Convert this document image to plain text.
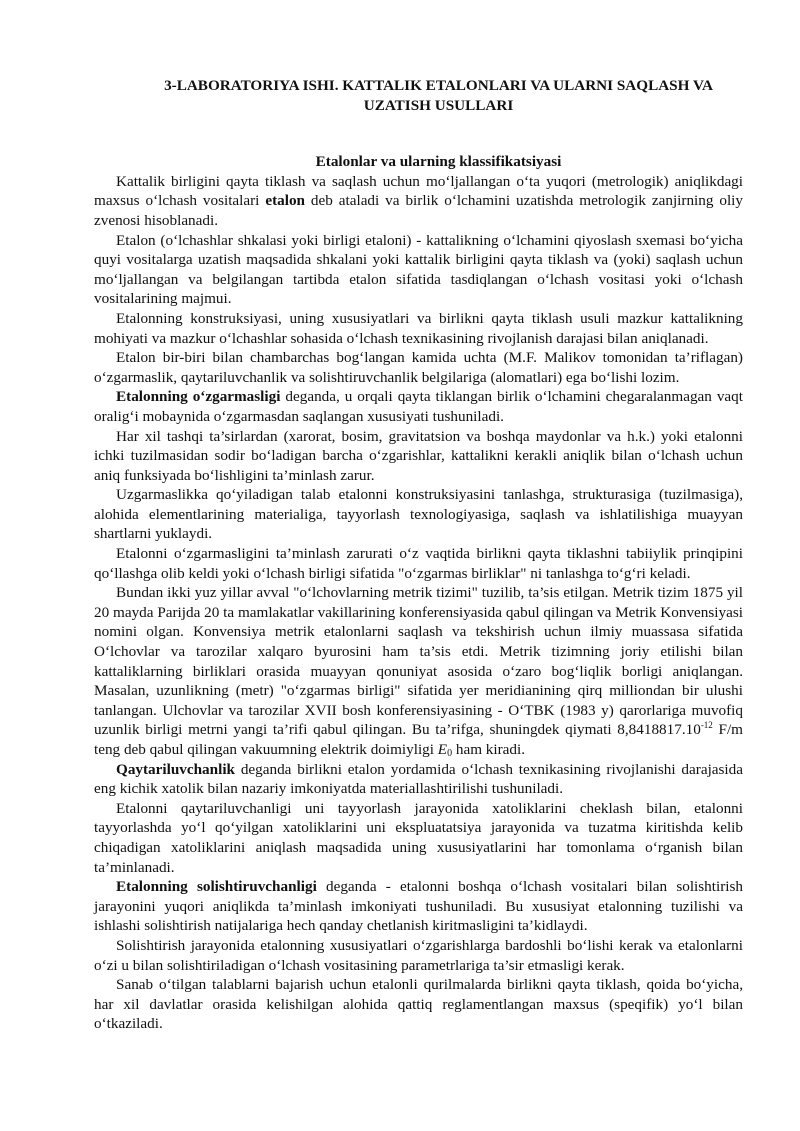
3-LABORATORIYA ISHI. KATTALIK ETALONLARI VA ULARNI SAQLASH VA
UZATISH USULLARI
Etalonlar va ularning klassifikatsiyasi

Kattalik birligini qayta tiklash va saqlash uchun mo‘ljallangan o‘ta yuqori (metrologik) aniqlikdagi maxsus o‘lchash vositalari etalon deb ataladi va birlik o‘lchamini uzatishda metrologik zanjirning oliy zvenosi hisoblanadi.

Etalon (o‘lchashlar shkalasi yoki birligi etaloni) - kattalikning o‘lchamini qiyoslash sxemasi bo‘yicha quyi vositalarga uzatish maqsadida shkalani yoki kattalik birligini qayta tiklash va (yoki) saqlash uchun mo‘ljallangan va belgilangan tartibda etalon sifatida tasdiqlangan o‘lchash vositasi yoki o‘lchash vositalarining majmui.

Etalonning konstruksiyasi, uning xususiyatlari va birlikni qayta tiklash usuli mazkur kattalikning mohiyati va mazkur o‘lchashlar sohasida o‘lchash texnikasining rivojlanish darajasi bilan aniqlanadi.

Etalon bir-biri bilan chambarchas bog‘langan kamida uchta (M.F. Malikov tomonidan ta’riflagan) o‘zgarmaslik, qaytariluvchanlik va solishtiruvchanlik belgilariga (alomatlari) ega bo‘lishi lozim.

Etalonning o‘zgarmasligi deganda, u orqali qayta tiklangan birlik o‘lchamini chegaralanmagan vaqt oralig‘i mobaynida o‘zgarmasdan saqlangan xususiyati tushuniladi.

Har xil tashqi ta’sirlardan (xarorat, bosim, gravitatsion va boshqa maydonlar va h.k.) yoki etalonni ichki tuzilmasidan sodir bo‘ladigan barcha o‘zgarishlar, kattalikni kerakli aniqlik bilan o‘lchash uchun aniq funksiyada bo‘lishligini ta’minlash zarur.

Uzgarmaslikka qo‘yiladigan talab etalonni konstruksiyasini tanlashga, strukturasiga (tuzilmasiga), alohida elementlarining materialiga, tayyorlash texnologiyasiga, saqlash va ishlatilishiga muayyan shartlarni yuklaydi.

Etalonni o‘zgarmasligini ta’minlash zarurati o‘z vaqtida birlikni qayta tiklashni tabiiylik prinqipini qo‘llashga olib keldi yoki o‘lchash birligi sifatida "o‘zgarmas birliklar" ni tanlashga to‘g‘ri keladi.

Bundan ikki yuz yillar avval "o‘lchovlarning metrik tizimi" tuzilib, ta’sis etilgan. Metrik tizim 1875 yil 20 mayda Parijda 20 ta mamlakatlar vakillarining konferensiyasida qabul qilingan va Metrik Konvensiyasi nomini olgan. Konvensiya metrik etalonlarni saqlash va tekshirish uchun ilmiy muassasa sifatida O‘lchovlar va tarozilar xalqaro byurosini ham ta’sis etdi. Metrik tizimning joriy etilishi bilan kattaliklarning birliklari orasida muayyan qonuniyat asosida o‘zaro bog‘liqlik borligi aniqlangan. Masalan, uzunlikning (metr) "o‘zgarmas birligi" sifatida yer meridianining qirq milliondan bir ulushi tanlangan. Ulchovlar va tarozilar XVII bosh konferensiyasining - O‘TBK (1983 y) qarorlariga muvofiq uzunlik birligi metrni yangi ta’rifi qabul qilingan. Bu ta’rifga, shuningdek qiymati $8,8418817.10^{-12}$ F/m teng deb qabul qilingan vakuumning elektrik doimiyligi $E_0$ ham kiradi.

Qaytariluvchanlik deganda birlikni etalon yordamida o‘lchash texnikasining rivojlanishi darajasida eng kichik xatolik bilan nazariy imkoniyatda materiallashtirilishi tushuniladi.

Etalonni qaytariluvchanligi uni tayyorlash jarayonida xatoliklarini cheklash bilan, etalonni tayyorlashda yo‘l qo‘yilgan xatoliklarini uni ekspluatatsiya jarayonida va tuzatma kiritishda kelib chiqadigan xatoliklarini aniqlash maqsadida uning xususiyatlarini har tomonlama o‘rganish bilan ta’minlanadi.

Etalonning solishtiruvchanligi deganda - etalonni boshqa o‘lchash vositalari bilan solishtirish jarayonini yuqori aniqlikda ta’minlash imkoniyati tushuniladi. Bu xususiyat etalonning tuzilishi va ishlashi solishtirish natijalariga hech qanday chetlanish kiritmasligini ta’kidlaydi.

Solishtirish jarayonida etalonning xususiyatlari o‘zgarishlarga bardoshli bo‘lishi kerak va etalonlarni o‘zi u bilan solishtiriladigan o‘lchash vositasining parametrlariga ta’sir etmasligi kerak.

Sanab o‘tilgan talablarni bajarish uchun etalonli qurilmalarda birlikni qayta tiklash, qoida bo‘yicha, har xil davlatlar orasida kelishilgan alohida qattiq reglamentlangan maxsus (speqifik) yo‘l bilan o‘tkaziladi.
